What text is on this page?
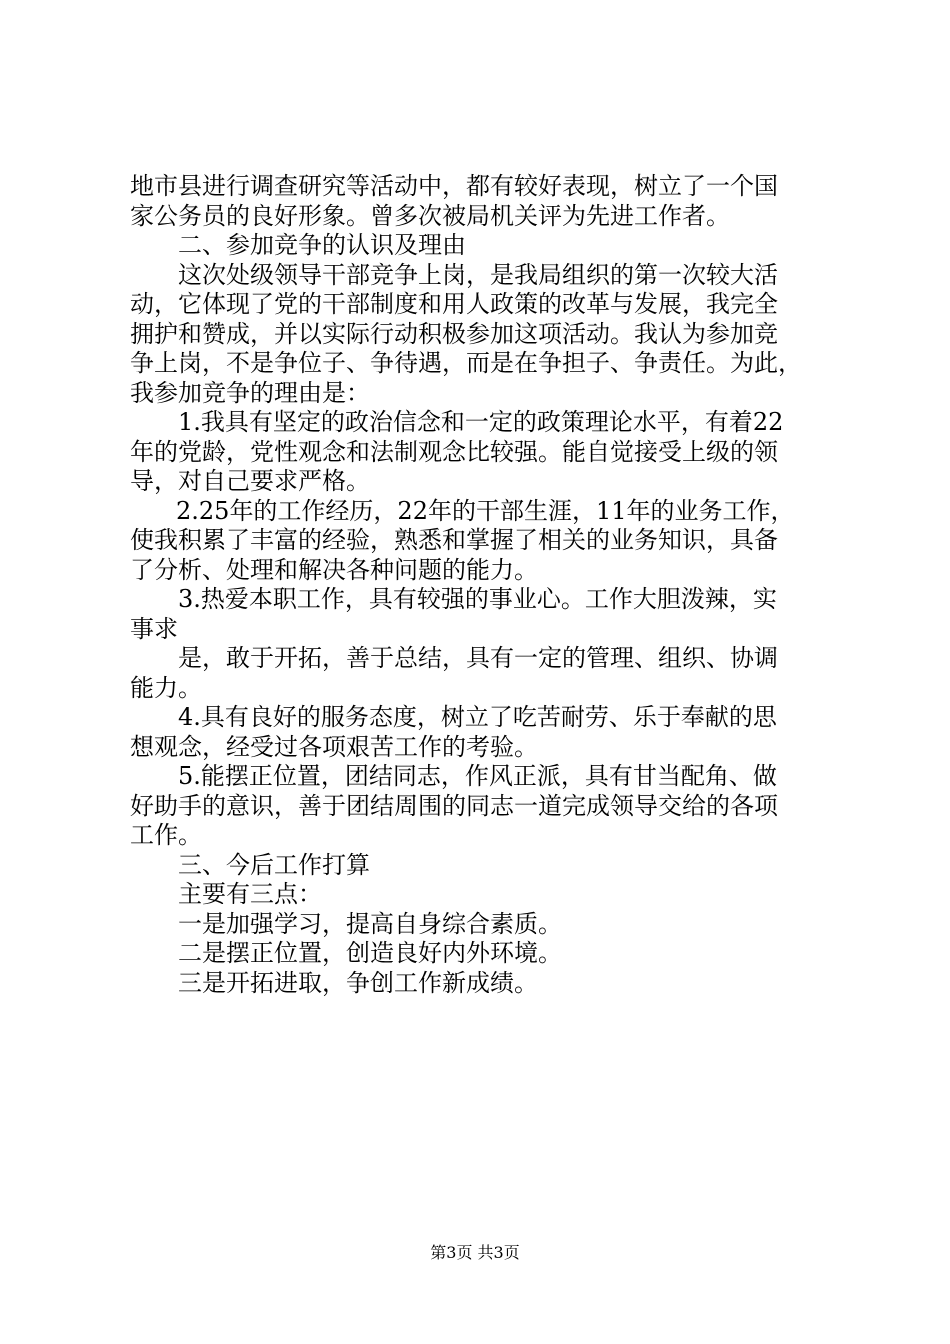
地市县进行调查研究等活动中，都有较好表现，树立了一个国
家公务员的良好形象。曾多次被局机关评为先进工作者。
二、参加竞争的认识及理由
这次处级领导干部竞争上岗，是我局组织的第一次较大活
动，它体现了党的干部制度和用人政策的改革与发展，我完全
拥护和赞成，并以实际行动积极参加这项活动。我认为参加竞
争上岗，不是争位子、争待遇，而是在争担子、争责任。为此，
我参加竞争的理由是：
1.我具有坚定的政治信念和一定的政策理论水平，有着22
年的党龄，党性观念和法制观念比较强。能自觉接受上级的领
导，对自己要求严格。
2.25年的工作经历，22年的干部生涯，11年的业务工作，
使我积累了丰富的经验，熟悉和掌握了相关的业务知识，具备
了分析、处理和解决各种问题的能力。
3.热爱本职工作，具有较强的事业心。工作大胆泼辣，实
事求
是，敢于开拓，善于总结，具有一定的管理、组织、协调
能力。
4.具有良好的服务态度，树立了吃苦耐劳、乐于奉献的思
想观念，经受过各项艰苦工作的考验。
5.能摆正位置，团结同志，作风正派，具有甘当配角、做
好助手的意识，善于团结周围的同志一道完成领导交给的各项
工作。
三、今后工作打算
主要有三点：
一是加强学习，提高自身综合素质。
二是摆正位置，创造良好内外环境。
三是开拓进取，争创工作新成绩。
第3页 共3页
